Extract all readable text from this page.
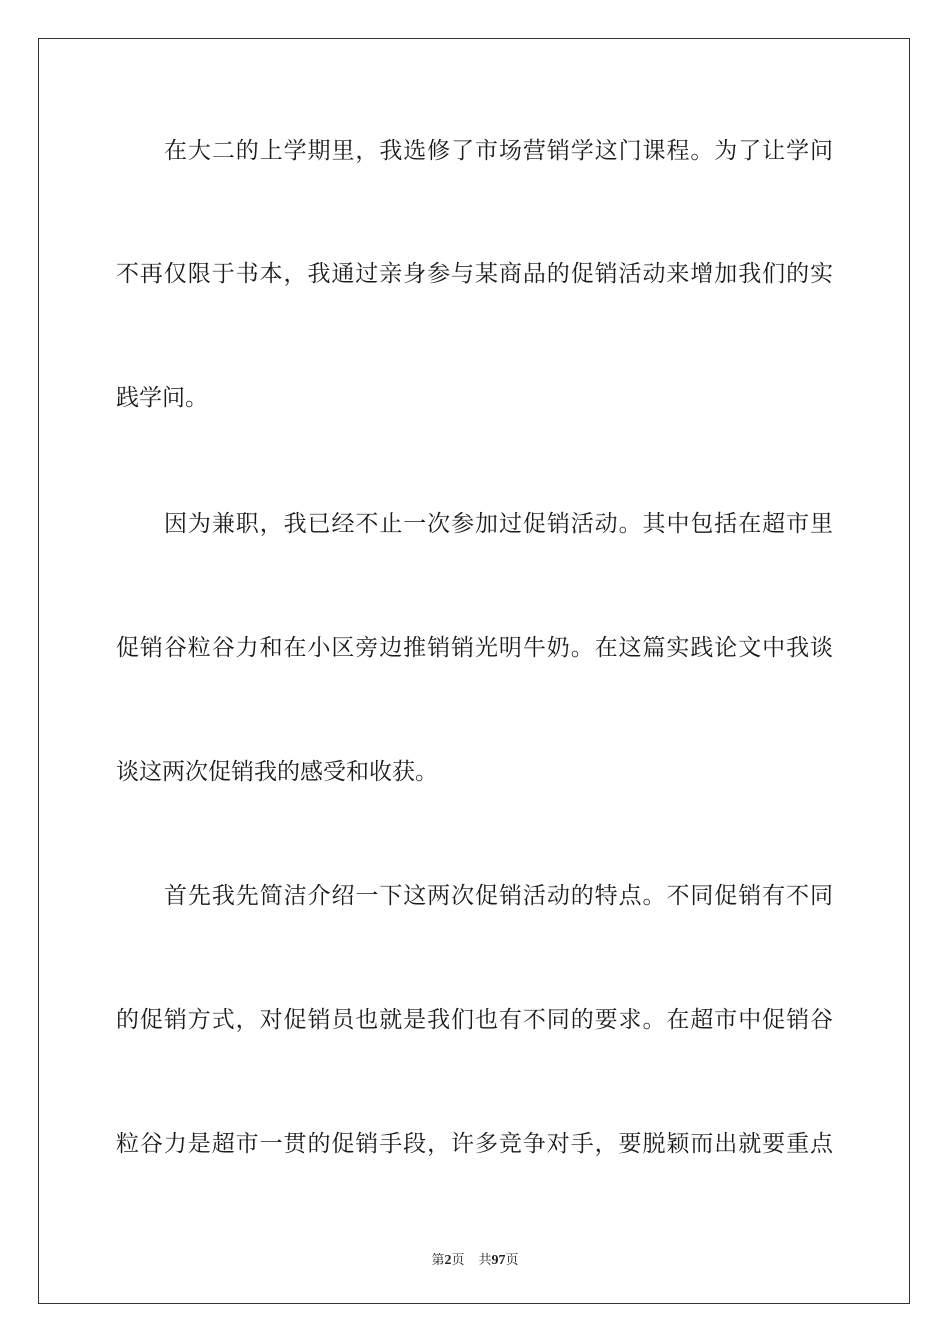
在大二的上学期里，我选修了市场营销学这门课程。为了让学问
不再仅限于书本，我通过亲身参与某商品的促销活动来增加我们的实
践学问。
因为兼职，我已经不止一次参加过促销活动。其中包括在超市里
促销谷粒谷力和在小区旁边推销销光明牛奶。在这篇实践论文中我谈
谈这两次促销我的感受和收获。
首先我先简洁介绍一下这两次促销活动的特点。不同促销有不同
的促销方式，对促销员也就是我们也有不同的要求。在超市中促销谷
粒谷力是超市一贯的促销手段，许多竞争对手，要脱颖而出就要重点
第2页 共97页
